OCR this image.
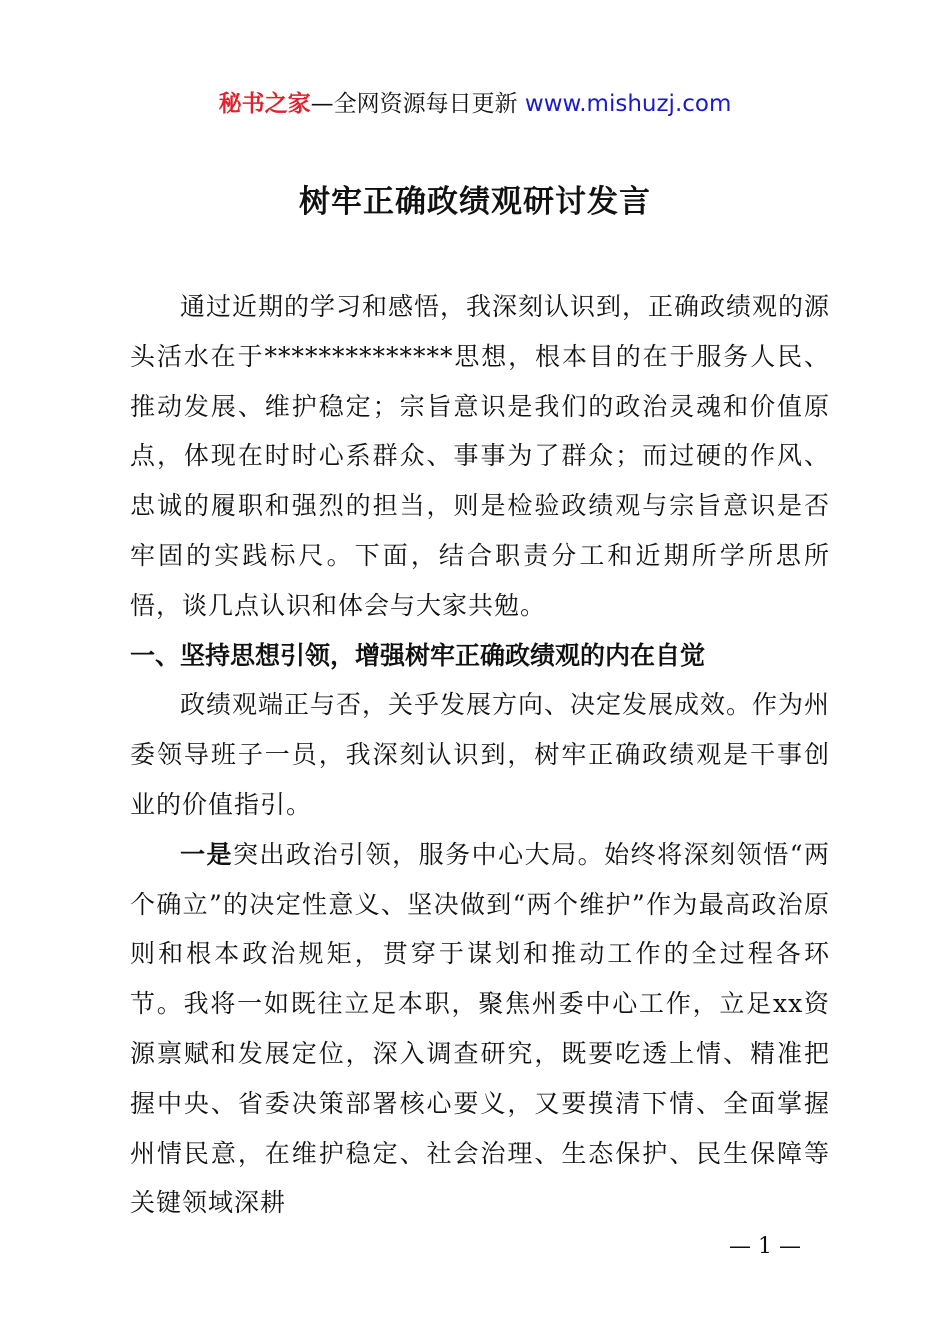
秘书之家—全网资源每日更新 www.mishuzj.com
树牢正确政绩观研讨发言

通过近期的学习和感悟，我深刻认识到，正确政绩观的源头活水在于**************思想，根本目的在于服务人民、推动发展、维护稳定；宗旨意识是我们的政治灵魂和价值原点，体现在时时心系群众、事事为了群众；而过硬的作风、忠诚的履职和强烈的担当，则是检验政绩观与宗旨意识是否牢固的实践标尺。下面，结合职责分工和近期所学所思所悟，谈几点认识和体会与大家共勉。

一、坚持思想引领，增强树牢正确政绩观的内在自觉

政绩观端正与否，关乎发展方向、决定发展成效。作为州委领导班子一员，我深刻认识到，树牢正确政绩观是干事创业的价值指引。

一是突出政治引领，服务中心大局。始终将深刻领悟“两个确立”的决定性意义、坚决做到“两个维护”作为最高政治原则和根本政治规矩，贯穿于谋划和推动工作的全过程各环节。我将一如既往立足本职，聚焦州委中心工作，立足xx资源禀赋和发展定位，深入调查研究，既要吃透上情、精准把握中央、省委决策部署核心要义，又要摸清下情、全面掌握州情民意，在维护稳定、社会治理、生态保护、民生保障等关键领域深耕

— 1 —
